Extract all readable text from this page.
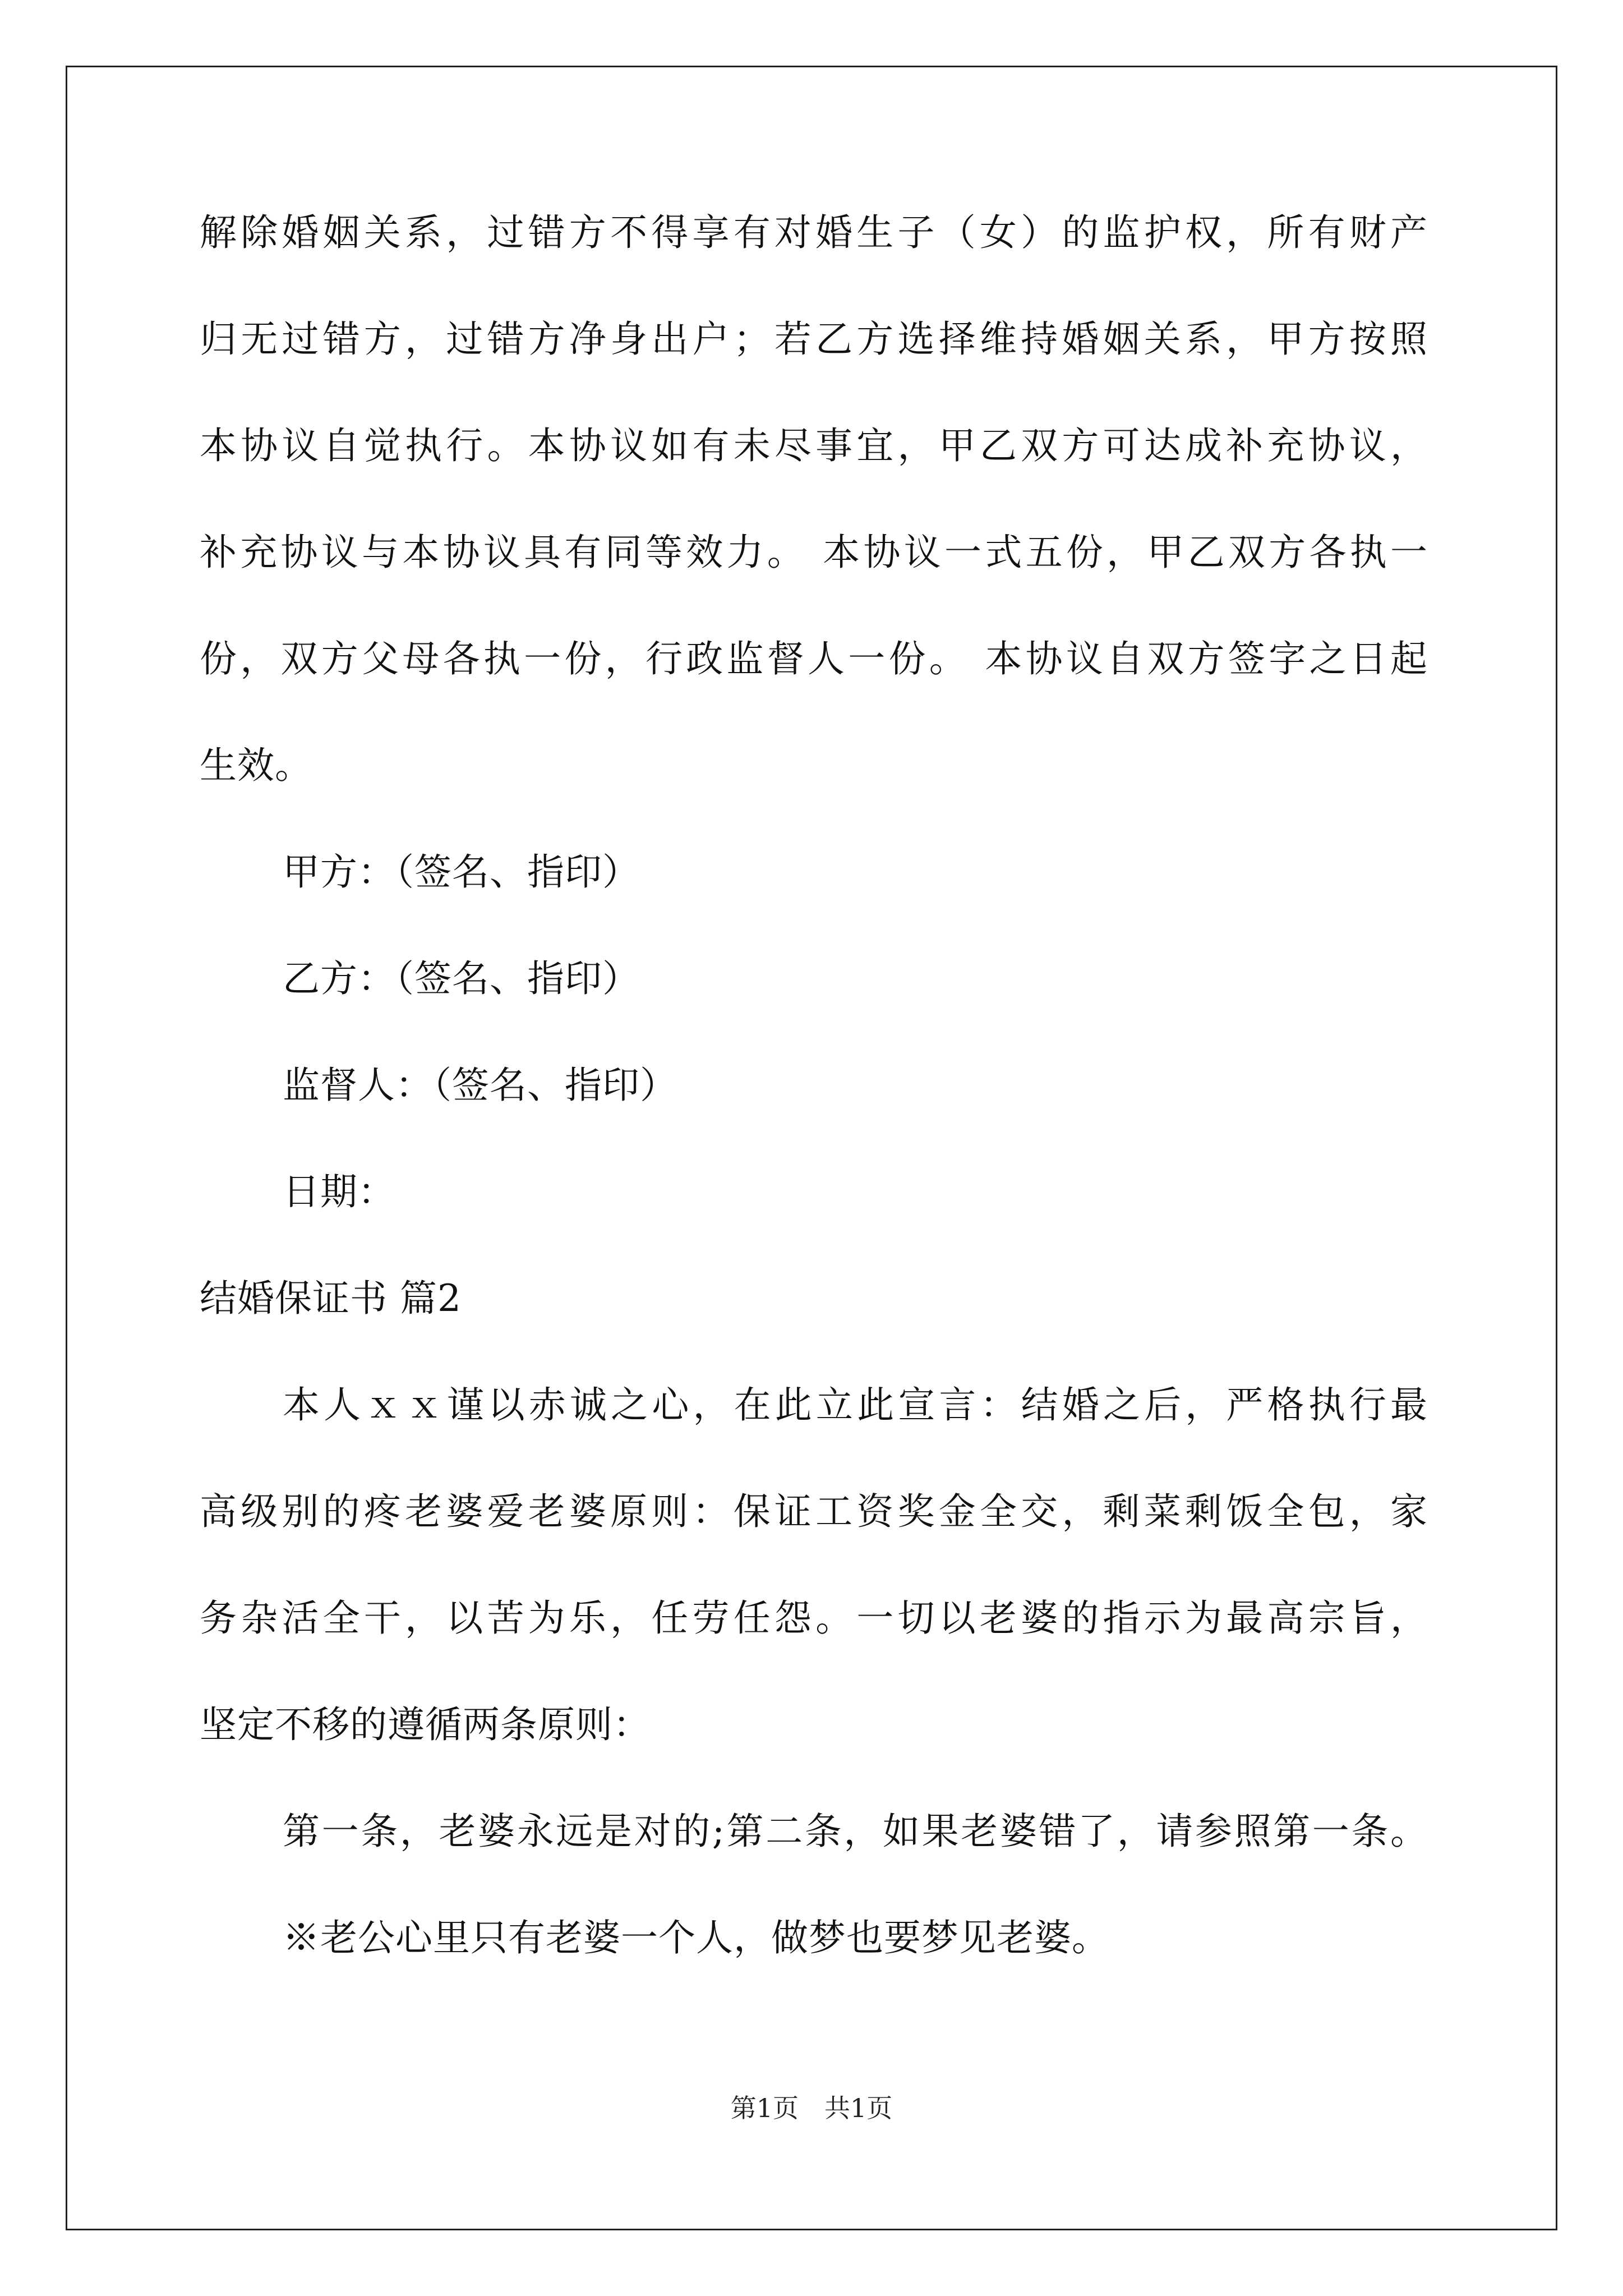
解除婚姻关系，过错方不得享有对婚生子（女）的监护权，所有财产
归无过错方，过错方净身出户；若乙方选择维持婚姻关系，甲方按照
本协议自觉执行。本协议如有未尽事宜，甲乙双方可达成补充协议，
补充协议与本协议具有同等效力。 本协议一式五份，甲乙双方各执一
份，双方父母各执一份，行政监督人一份。 本协议自双方签字之日起
生效。
甲方：（签名、指印）
乙方：（签名、指印）
监督人：（签名、指印）
日期：
结婚保证书 篇2
本人ｘｘ谨以赤诚之心，在此立此宣言：结婚之后，严格执行最
高级别的疼老婆爱老婆原则：保证工资奖金全交，剩菜剩饭全包，家
务杂活全干，以苦为乐，任劳任怨。一切以老婆的指示为最高宗旨，
坚定不移的遵循两条原则：
第一条，老婆永远是对的;第二条，如果老婆错了，请参照第一条。
※老公心里只有老婆一个人，做梦也要梦见老婆。
第1页　共1页
